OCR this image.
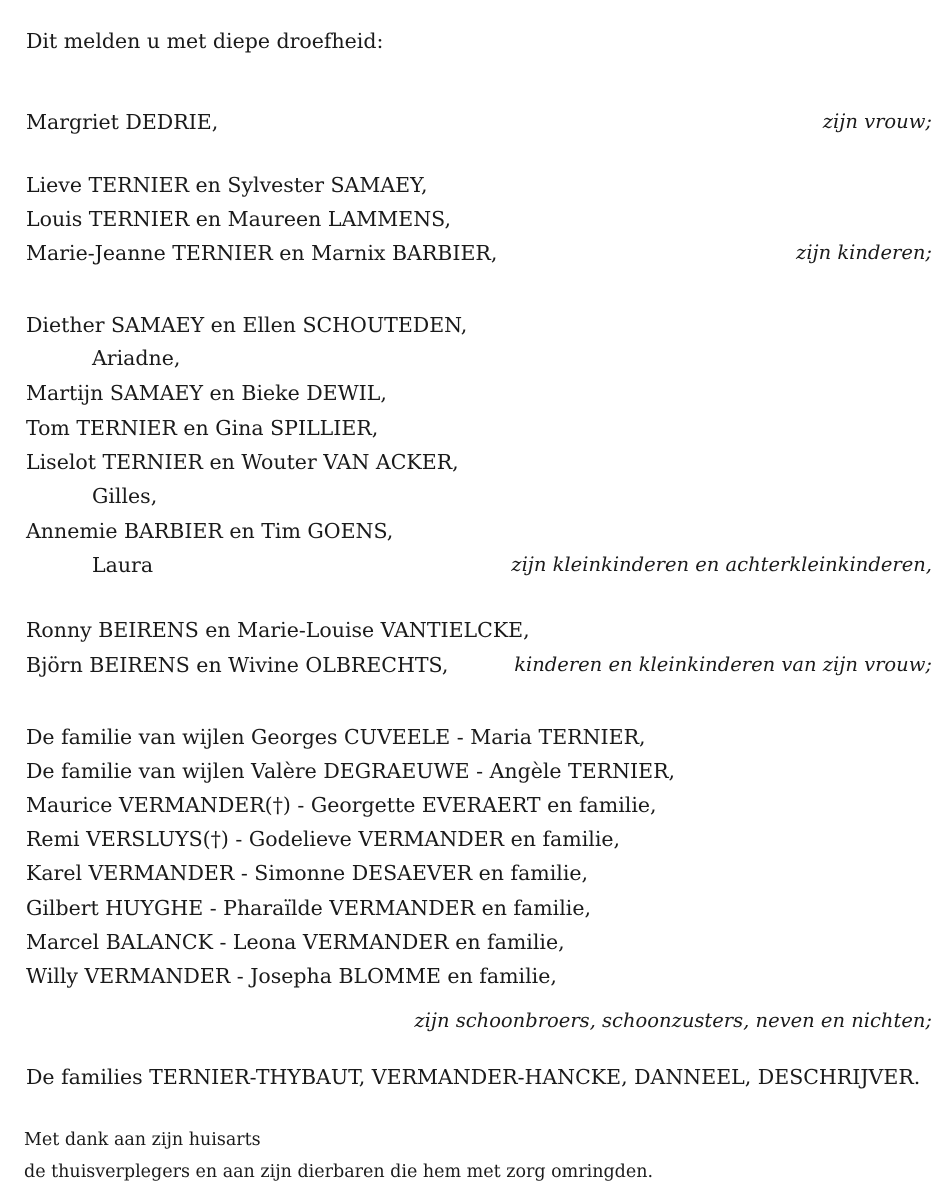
Dit melden u met diepe droefheid:
Margriet DEDRIE,	zijn vrouw;
Lieve TERNIER en Sylvester SAMAEY,
Louis TERNIER en Maureen LAMMENS,
Marie-Jeanne TERNIER en Marnix BARBIER,	zijn kinderen;
Diether SAMAEY en Ellen SCHOUTEDEN,
Ariadne,
Martijn SAMAEY en Bieke DEWIL,
Tom TERNIER en Gina SPILLIER,
Liselot TERNIER en Wouter VAN ACKER,
Gilles,
Annemie BARBIER en Tim GOENS,
Laura	zijn kleinkinderen en achterkleinkinderen,
Ronny BEIRENS en Marie-Louise VANTIELCKE,
Björn BEIRENS en Wivine OLBRECHTS,	kinderen en kleinkinderen van zijn vrouw;
De familie van wijlen Georges CUVEELE - Maria TERNIER,
De familie van wijlen Valère DEGRAEUWE - Angèle TERNIER,
Maurice VERMANDER(†) - Georgette EVERAERT en familie,
Remi VERSLUYS(†) - Godelieve VERMANDER en familie,
Karel VERMANDER - Simonne DESAEVER en familie,
Gilbert HUYGHE - Pharaïlde VERMANDER en familie,
Marcel BALANCK - Leona VERMANDER en familie,
Willy VERMANDER - Josepha BLOMME en familie,
zijn schoonbroers, schoonzusters, neven en nichten;
De families TERNIER-THYBAUT, VERMANDER-HANCKE, DANNEEL, DESCHRIJVER.
Met dank aan zijn huisarts
de thuisverplegers en aan zijn dierbaren die hem met zorg omringden.
